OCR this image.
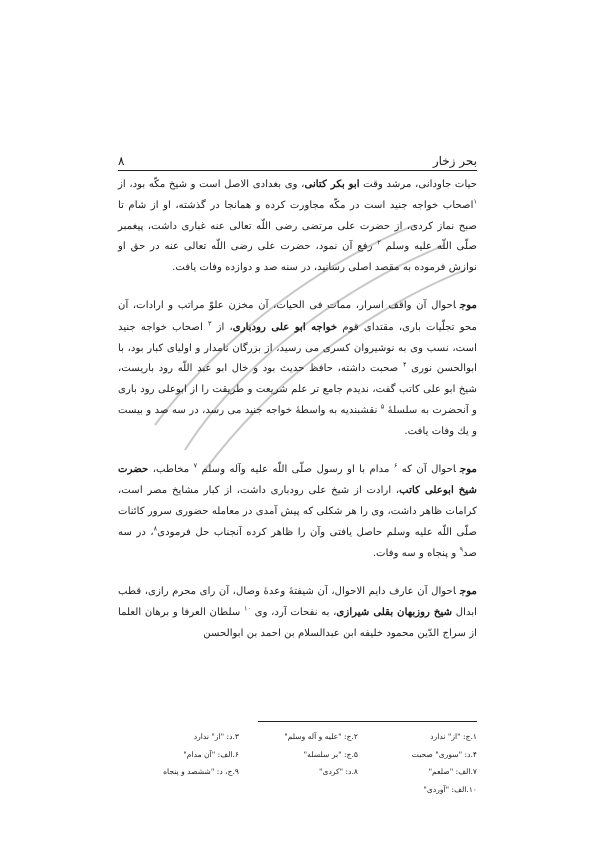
بحر زخار
۸

حیات جاودانی، مرشد وقت ابو بکر کتانی، وی بغدادی الاصل است و شیخ مکّه بود، از $^۱$اصحاب خواجه جنید است در مکّه مجاورت کرده و همانجا در گذشته، او از شام تا صبح نماز کردی، از حضرت علی مرتضی رضی اللّه تعالی عنه غباری داشت، پیغمبر صلّی اللّه علیه وسلم $^۲$ رفع آن نمود، حضرت علی رضی اللّه تعالی عنه در حق او نوازش فرموده به مقصد اصلی رسانید، در سنه صد و دوازده وفات یافت.

موجاحوال آن واقف اسرار، ممات فی الحیات، آن مخزن علوّ مراتب و ارادات، آن محو تجلّیات باری، مقتدای قوم خواجه ابو علی رودباری، از $^۳$ اصحاب خواجه جنید است، نسب وی به نوشیروان کسری می رسید، از بزرگان نامدار و اولیای کبار بود، با ابوالحسن نوری $^۴$ صحبت داشته، حافظ حدیث بود و خال ابو عبد اللّه رود باریست، شیخ ابو علی کاتب گفت، ندیدم جامع تر علم شریعت و طریقت را از ابوعلی رود باری و آنحضرت به سلسلهٔ $^۵$ نقشبندیه به واسطهٔ خواجه جنید می رسد، در سه صد و بیست و یك وفات یافت.

موجاحوال آن که $^۶$ مدام با او رسول صلّی اللّه علیه وآله وسلم $^۷$ مخاطب، حضرت شیخ ابوعلی کاتب، ارادت از شیخ علی رودباری داشت، از کبار مشایخ مصر است، کرامات ظاهر داشت، وی را هر شکلی که پیش آمدی در معامله حضوری سرور کائنات صلّی اللّه علیه وسلم حاصل یافتی وآن را ظاهر کرده آنجناب حل فرمودی$^۸$، در سه صد$^۹$ و پنجاه و سه وفات.

موجاحوال آن عارف دایم الاحوال، آن شیفتهٔ وعدهٔ وصال، آن رای محرم رازی، قطب ابدال شیخ روزبهان بقلی شیرازی، به نفحات آرد، وی $^{۱۰}$ سلطان العرفا و برهان العلما از سراج الدّین محمود خلیفه ابن عبدالسلام بن احمد بن ابوالحسن

۱.ج: "از" ندارد
۲.ج: "علیه و آله وسلم"
۳.د: "از" ندارد
۴.د: "سوری" صحبت
۵.ج: "بر سلسله"
۶.الف: "آن مدام"
۷.الف: "صلعم"
۸.د: "کردی"
۹.ج، د: "ششصد و پنجاه
۱۰.الف: "آوردی"
